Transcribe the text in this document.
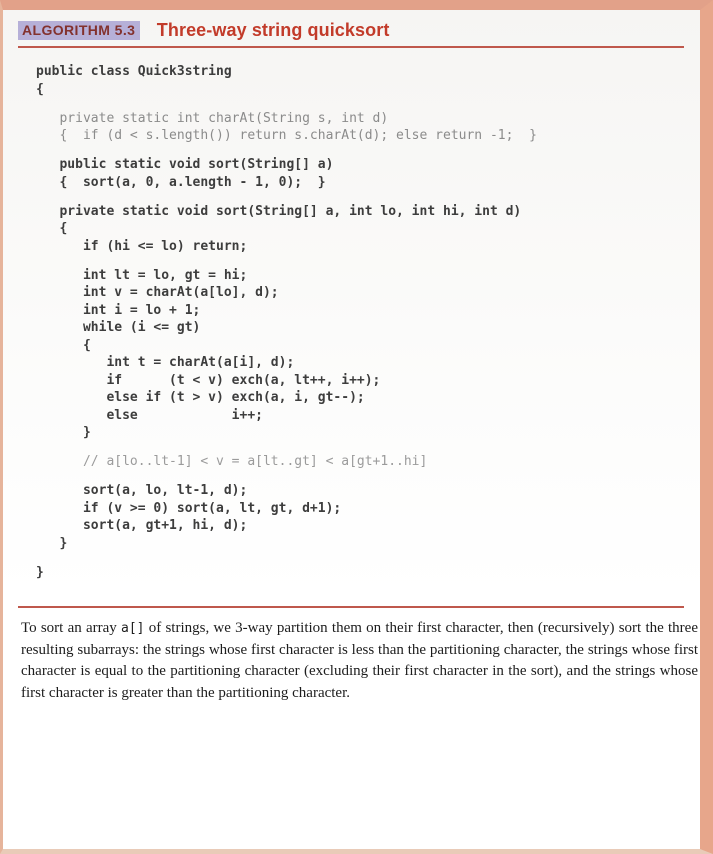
ALGORITHM 5.3 Three-way string quicksort
public class Quick3string
{
private static int charAt(String s, int d)
{  if (d < s.length()) return s.charAt(d); else return -1;  }
public static void sort(String[] a)
{  sort(a, 0, a.length - 1, 0);  }
private static void sort(String[] a, int lo, int hi, int d)
{
if (hi <= lo) return;
int lt = lo, gt = hi;
int v = charAt(a[lo], d);
int i = lo + 1;
while (i <= gt)
{
int t = charAt(a[i], d);
if      (t < v) exch(a, lt++, i++);
else if (t > v) exch(a, i, gt--);
else            i++;
}
// a[lo..lt-1] < v = a[lt..gt] < a[gt+1..hi]
sort(a, lo, lt-1, d);
if (v >= 0) sort(a, lt, gt, d+1);
sort(a, gt+1, hi, d);
}
}

To sort an array a[] of strings, we 3-way partition them on their first character, then (recursively) sort the three resulting subarrays: the strings whose first character is less than the partitioning character, the strings whose first character is equal to the partitioning character (excluding their first character in the sort), and the strings whose first character is greater than the partitioning character.
